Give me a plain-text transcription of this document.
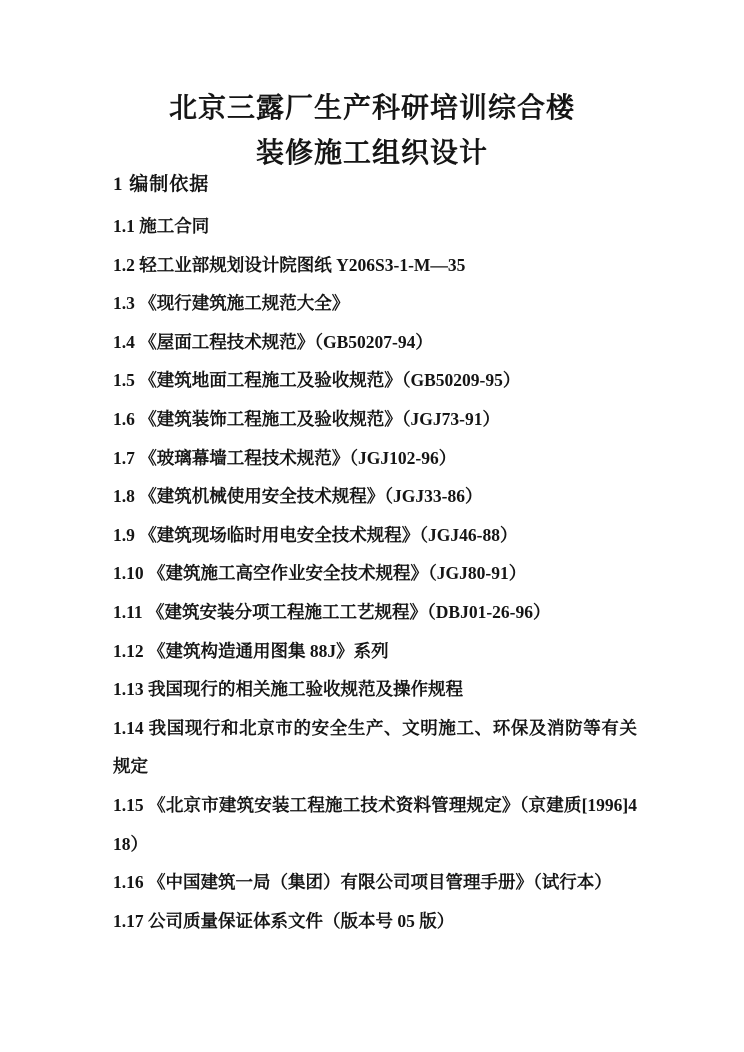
北京三露厂生产科研培训综合楼
装修施工组织设计
1 编制依据
1.1 施工合同
1.2 轻工业部规划设计院图纸 Y206S3-1-M—35
1.3 《现行建筑施工规范大全》
1.4 《屋面工程技术规范》（GB50207-94）
1.5 《建筑地面工程施工及验收规范》（GB50209-95）
1.6 《建筑装饰工程施工及验收规范》（JGJ73-91）
1.7 《玻璃幕墙工程技术规范》（JGJ102-96）
1.8 《建筑机械使用安全技术规程》（JGJ33-86）
1.9 《建筑现场临时用电安全技术规程》（JGJ46-88）
1.10 《建筑施工高空作业安全技术规程》（JGJ80-91）
1.11 《建筑安装分项工程施工工艺规程》（DBJ01-26-96）
1.12 《建筑构造通用图集 88J》系列
1.13 我国现行的相关施工验收规范及操作规程
1.14 我国现行和北京市的安全生产、文明施工、环保及消防等有关规定
1.15 《北京市建筑安装工程施工技术资料管理规定》（京建质[1996]418）
1.16 《中国建筑一局（集团）有限公司项目管理手册》（试行本）
1.17 公司质量保证体系文件（版本号 05 版）
